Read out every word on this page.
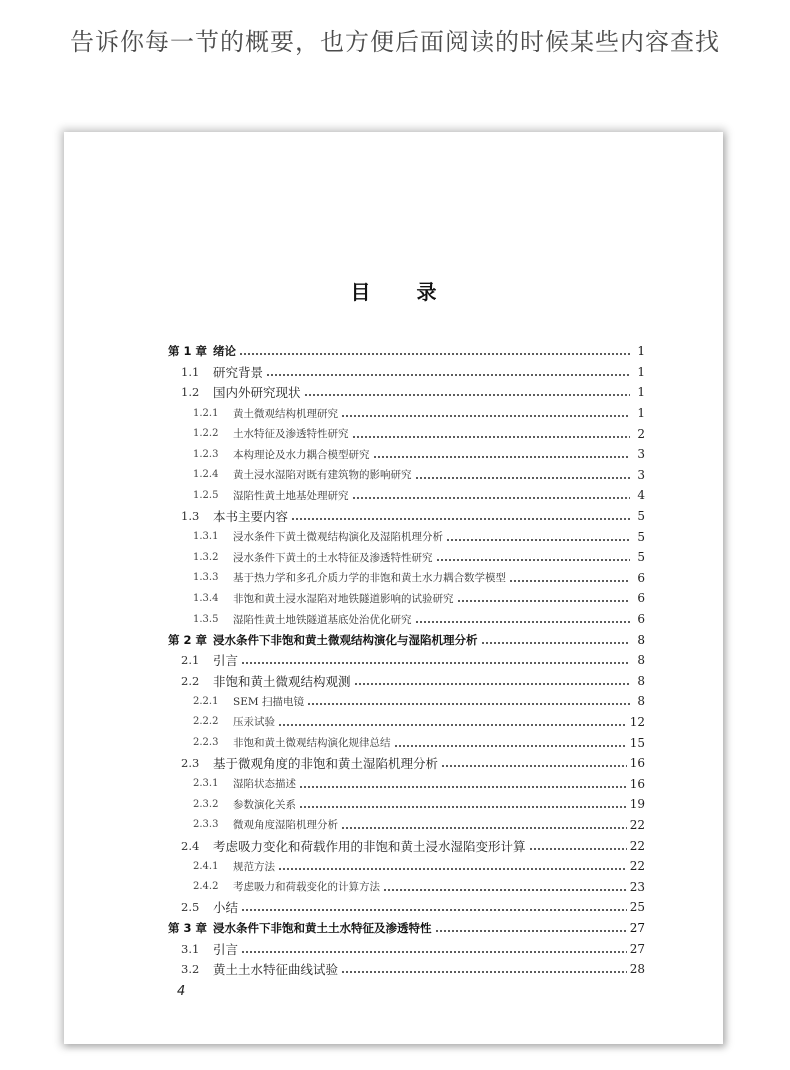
告诉你每一节的概要，也方便后面阅读的时候某些内容查找
目 录
第 1 章 绪论	1
1.1	研究背景	1
1.2	国内外研究现状	1
1.2.1	黄土微观结构机理研究	1
1.2.2	土水特征及渗透特性研究	2
1.2.3	本构理论及水力耦合模型研究	3
1.2.4	黄土浸水湿陷对既有建筑物的影响研究	3
1.2.5	湿陷性黄土地基处理研究	4
1.3	本书主要内容	5
1.3.1	浸水条件下黄土微观结构演化及湿陷机理分析	5
1.3.2	浸水条件下黄土的土水特征及渗透特性研究	5
1.3.3	基于热力学和多孔介质力学的非饱和黄土水力耦合数学模型	6
1.3.4	非饱和黄土浸水湿陷对地铁隧道影响的试验研究	6
1.3.5	湿陷性黄土地铁隧道基底处治优化研究	6
第 2 章 浸水条件下非饱和黄土微观结构演化与湿陷机理分析	8
2.1	引言	8
2.2	非饱和黄土微观结构观测	8
2.2.1	SEM 扫描电镜	8
2.2.2	压汞试验	12
2.2.3	非饱和黄土微观结构演化规律总结	15
2.3	基于微观角度的非饱和黄土湿陷机理分析	16
2.3.1	湿陷状态描述	16
2.3.2	参数演化关系	19
2.3.3	微观角度湿陷机理分析	22
2.4	考虑吸力变化和荷载作用的非饱和黄土浸水湿陷变形计算	22
2.4.1	规范方法	22
2.4.2	考虑吸力和荷载变化的计算方法	23
2.5	小结	25
第 3 章 浸水条件下非饱和黄土土水特征及渗透特性	27
3.1	引言	27
3.2	黄土土水特征曲线试验	28
4
